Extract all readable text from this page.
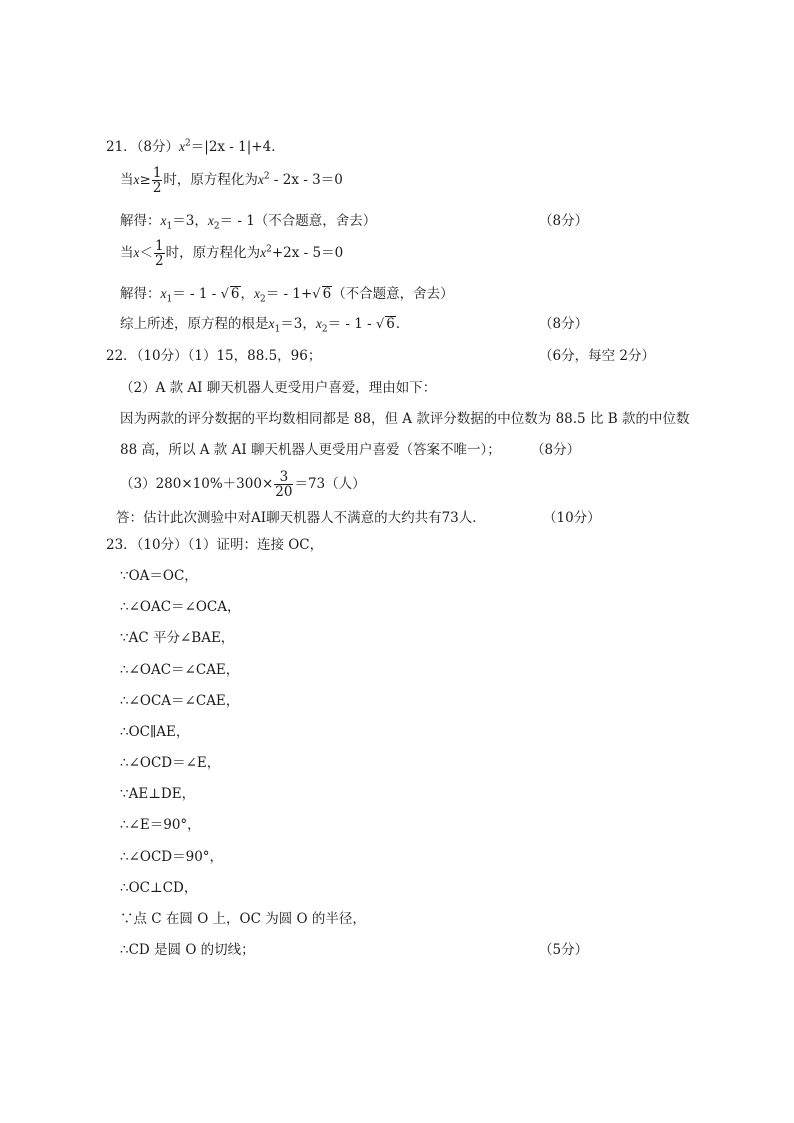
21．（8分）$x^2=|2x - 1|+4$．
当$x\ge \frac{1}{2}$ 时，原方程化为$x^2 - 2x - 3=0$
解得：$x_1=3$，$x_2= - 1$（不合题意，舍去）	（8分）
当$x< \frac{1}{2}$ 时，原方程化为$x^2+2x - 5=0$
解得：$x_1= - 1$ - √ 6，$x_2= - 1+√$ 6（不合题意，舍去）
综上所述，原方程的根是$x_1=3$，$x_2= - 1$ - √ 6．	（8分）
22．（10分）（1）15，88.5，96；	（6分，每空 2分）
（2）A 款 AI 聊天机器人更受用户喜爱，理由如下：
因为两款的评分数据的平均数相同都是 88，但 A 款评分数据的中位数为 88.5 比 B 款的中位数
88 高，所以 A 款 AI 聊天机器人更受用户喜爱（答案不唯一）； （8分）
$(3)280\times 10\%+300\times \frac{3}{20} =73$（人）
答：估计此次测验中对AI聊天机器人不满意的大约共有73人．	（10分）
23．（10分）（1）证明：连接 OC，
∵OA＝OC，
∴∠OAC＝∠OCA，
∵AC 平分∠BAE，
∴∠OAC＝∠CAE，
∴∠OCA＝∠CAE，
∴OC∥AE，
∴∠OCD＝∠E，
∵AE⊥DE，
∴∠E＝90°，
∴∠OCD＝90°，
∴OC⊥CD，
∵点 C 在圆 O 上，OC 为圆 O 的半径，
∴CD 是圆 O 的切线；	（5分）
